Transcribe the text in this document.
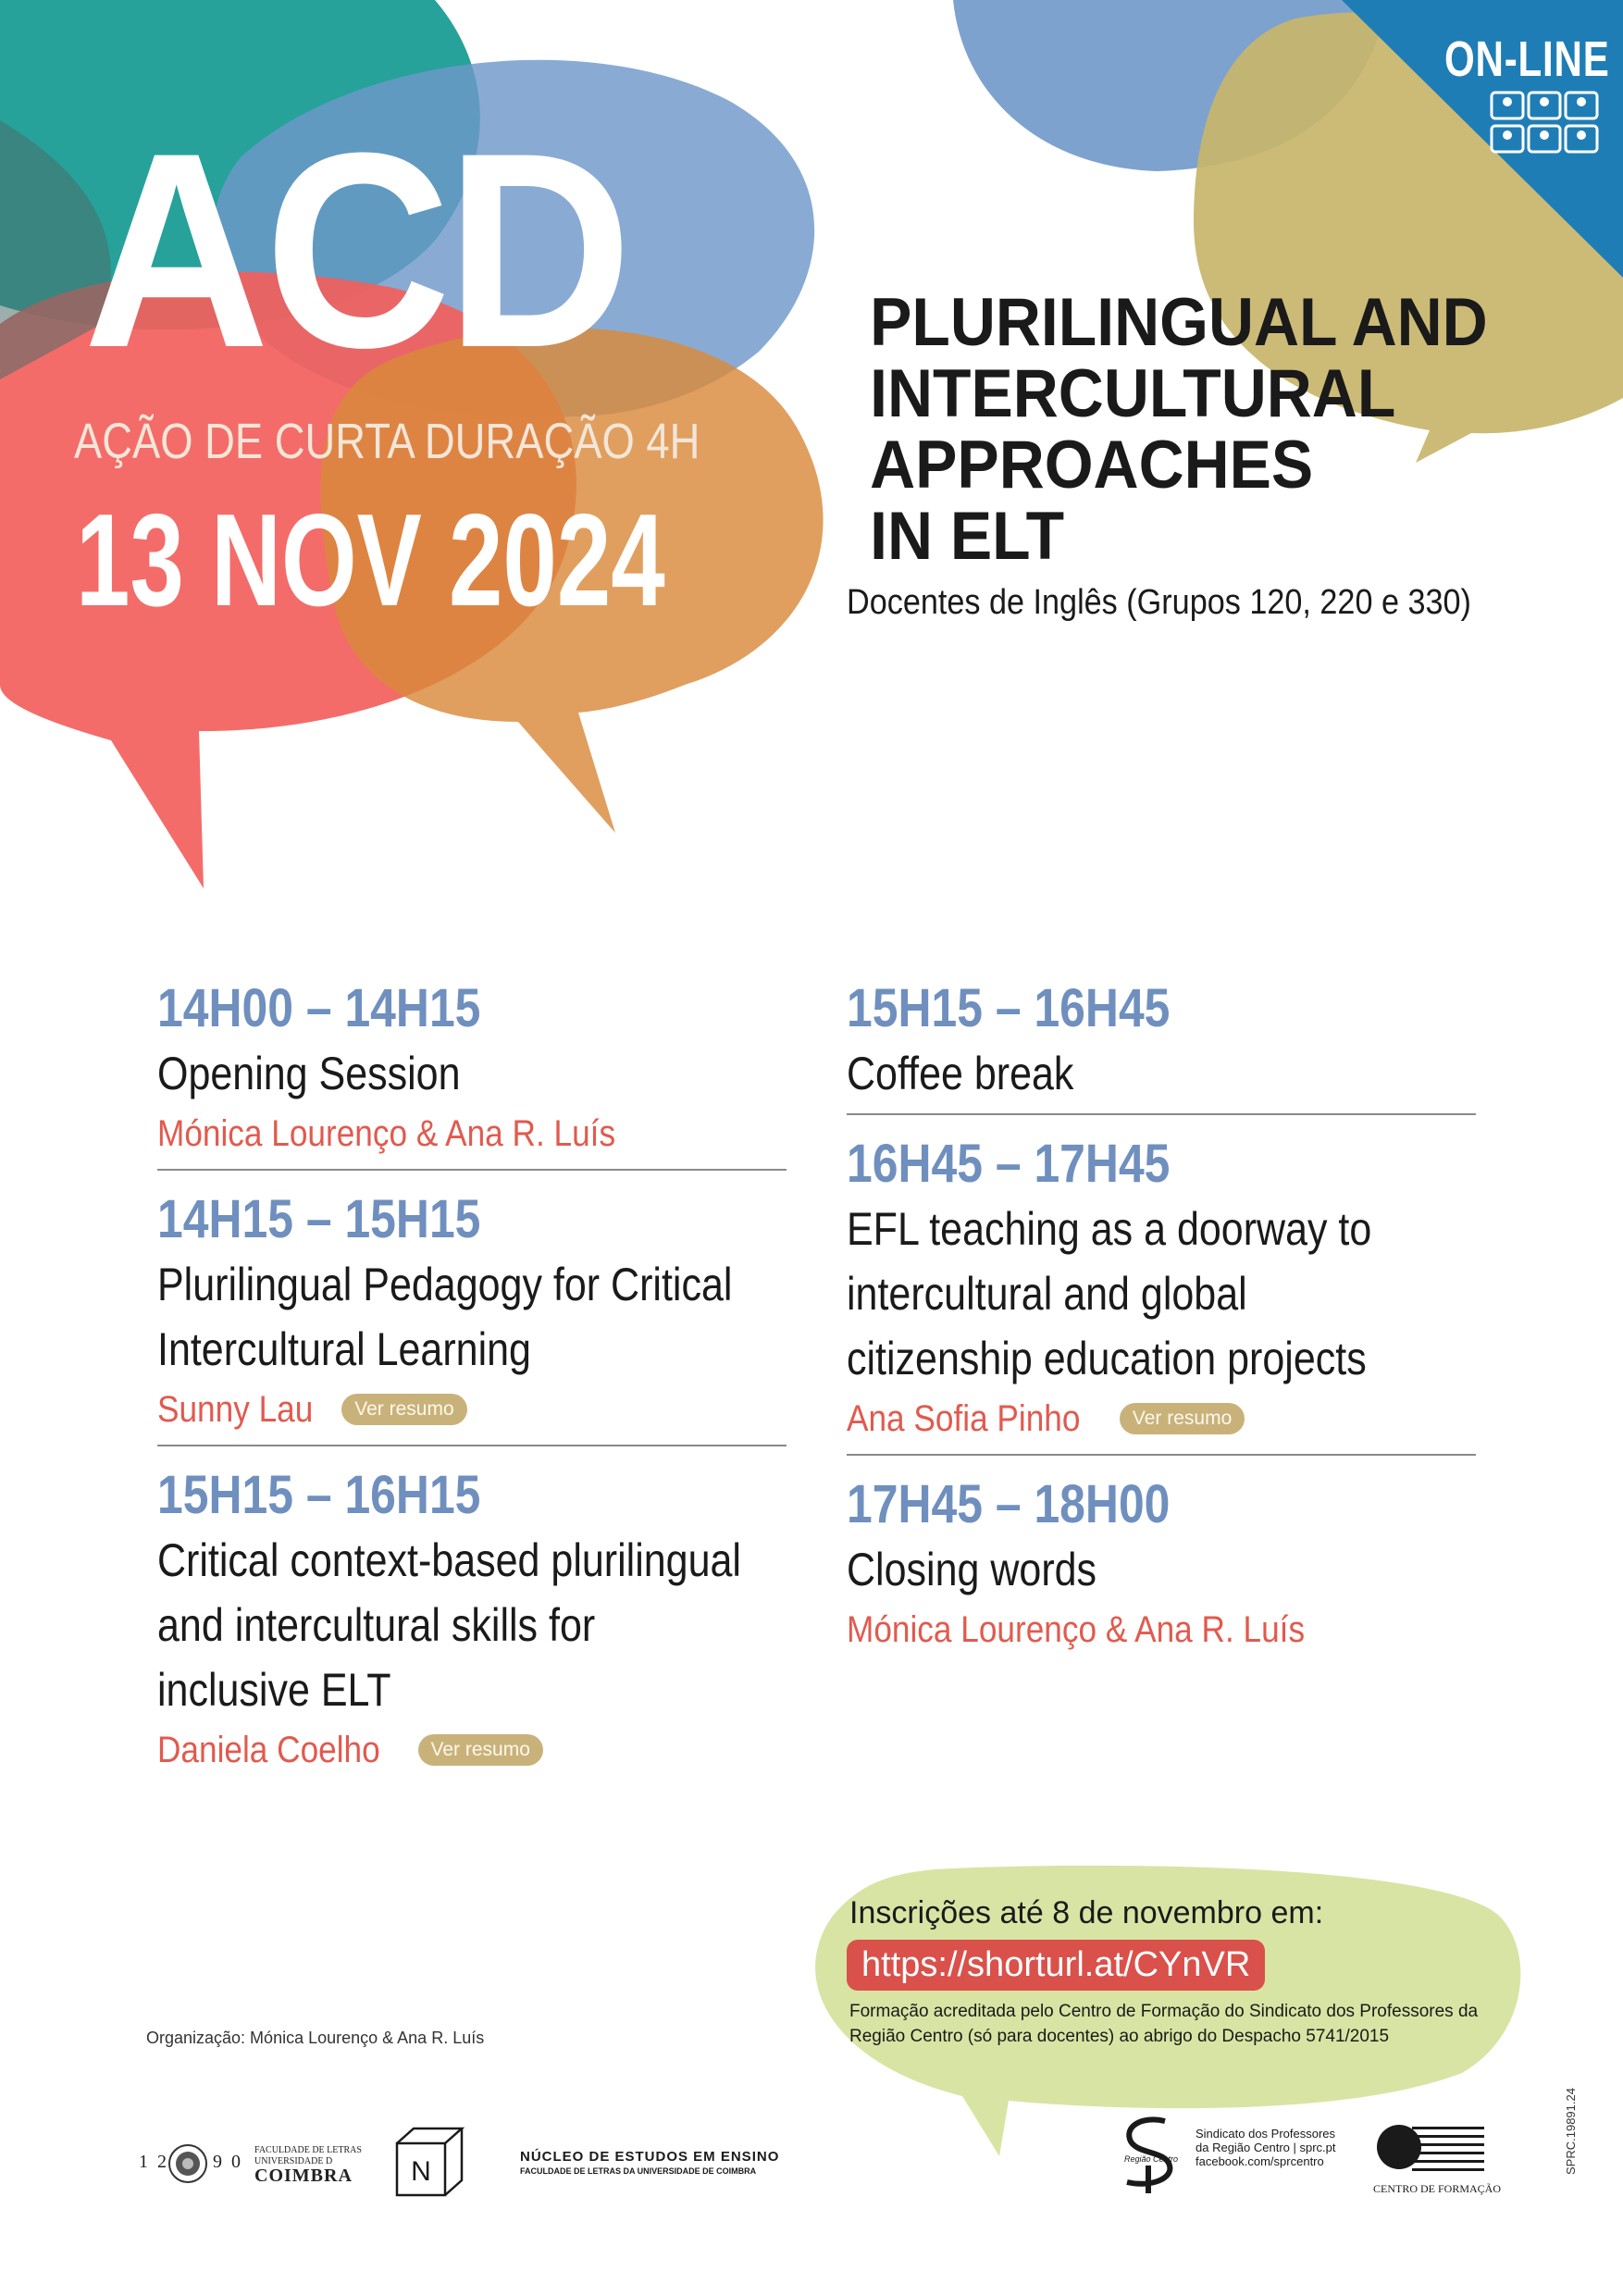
ACD
AÇÃO DE CURTA DURAÇÃO 4H
13 NOV 2024
ON-LINE
PLURILINGUAL AND
INTERCULTURAL
APPROACHES
IN ELT
Docentes de Inglês (Grupos 120, 220 e 330)
14H00 – 14H15
Opening Session
Mónica Lourenço & Ana R. Luís
14H15 – 15H15
Plurilingual Pedagogy for Critical
Intercultural Learning
Sunny Lau	Ver resumo
15H15 – 16H15
Critical context-based plurilingual
and intercultural skills for
inclusive ELT
Daniela Coelho	Ver resumo
15H15 – 16H45
Coffee break
16H45 – 17H45
EFL teaching as a doorway to
intercultural and global
citizenship education projects
Ana Sofia Pinho	Ver resumo
17H45 – 18H00
Closing words
Mónica Lourenço & Ana R. Luís
Inscrições até 8 de novembro em:
https://shorturl.at/CYnVR
Formação acreditada pelo Centro de Formação do Sindicato dos Professores da Região Centro (só para docentes) ao abrigo do Despacho 5741/2015
Organização: Mónica Lourenço & Ana R. Luís
12 90
FACULDADE DE LETRAS
UNIVERSIDADE D
COIMBRA N	NÚCLEO DE ESTUDOS EM ENSINO
FACULDADE DE LETRAS DA UNIVERSIDADE DE COIMBRA
Região Centro
Sindicato dos Professores
da Região Centro | sprc.pt
facebook.com/sprcentro
CENTRO DE FORMAÇÃO
SPRC.19891.24
